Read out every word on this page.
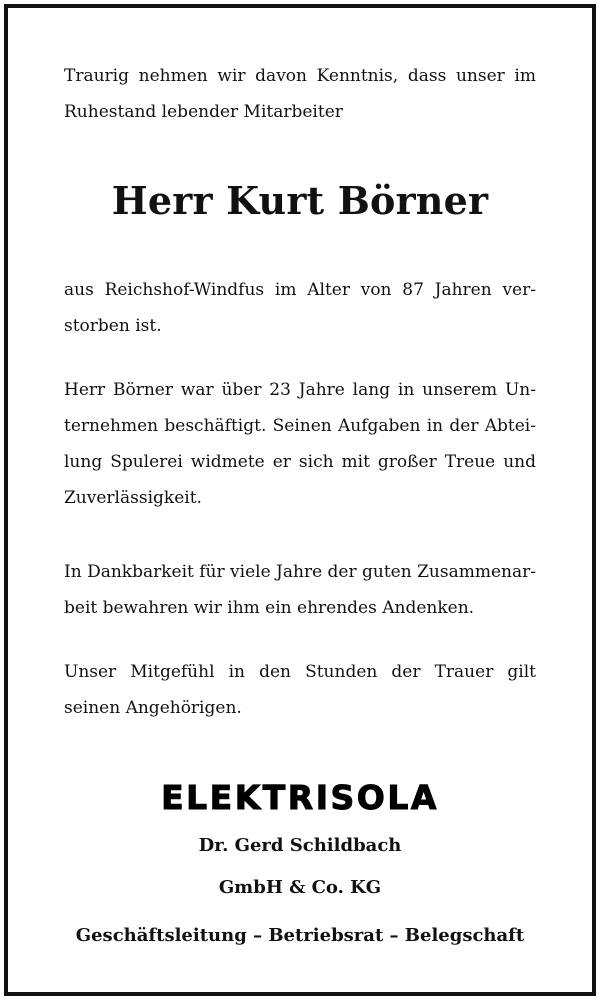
Traurig nehmen wir davon Kenntnis, dass unser im Ruhestand lebender Mitarbeiter

Herr Kurt Börner

aus Reichshof-Windfus im Alter von 87 Jahren verstorben ist.

Herr Börner war über 23 Jahre lang in unserem Unternehmen beschäftigt. Seinen Aufgaben in der Abteilung Spulerei widmete er sich mit großer Treue und Zuverlässigkeit.

In Dankbarkeit für viele Jahre der guten Zusammenarbeit bewahren wir ihm ein ehrendes Andenken.

Unser Mitgefühl in den Stunden der Trauer gilt seinen Angehörigen.

ELEKTRISOLA

Dr. Gerd Schildbach

GmbH & Co. KG

Geschäftsleitung – Betriebsrat – Belegschaft
